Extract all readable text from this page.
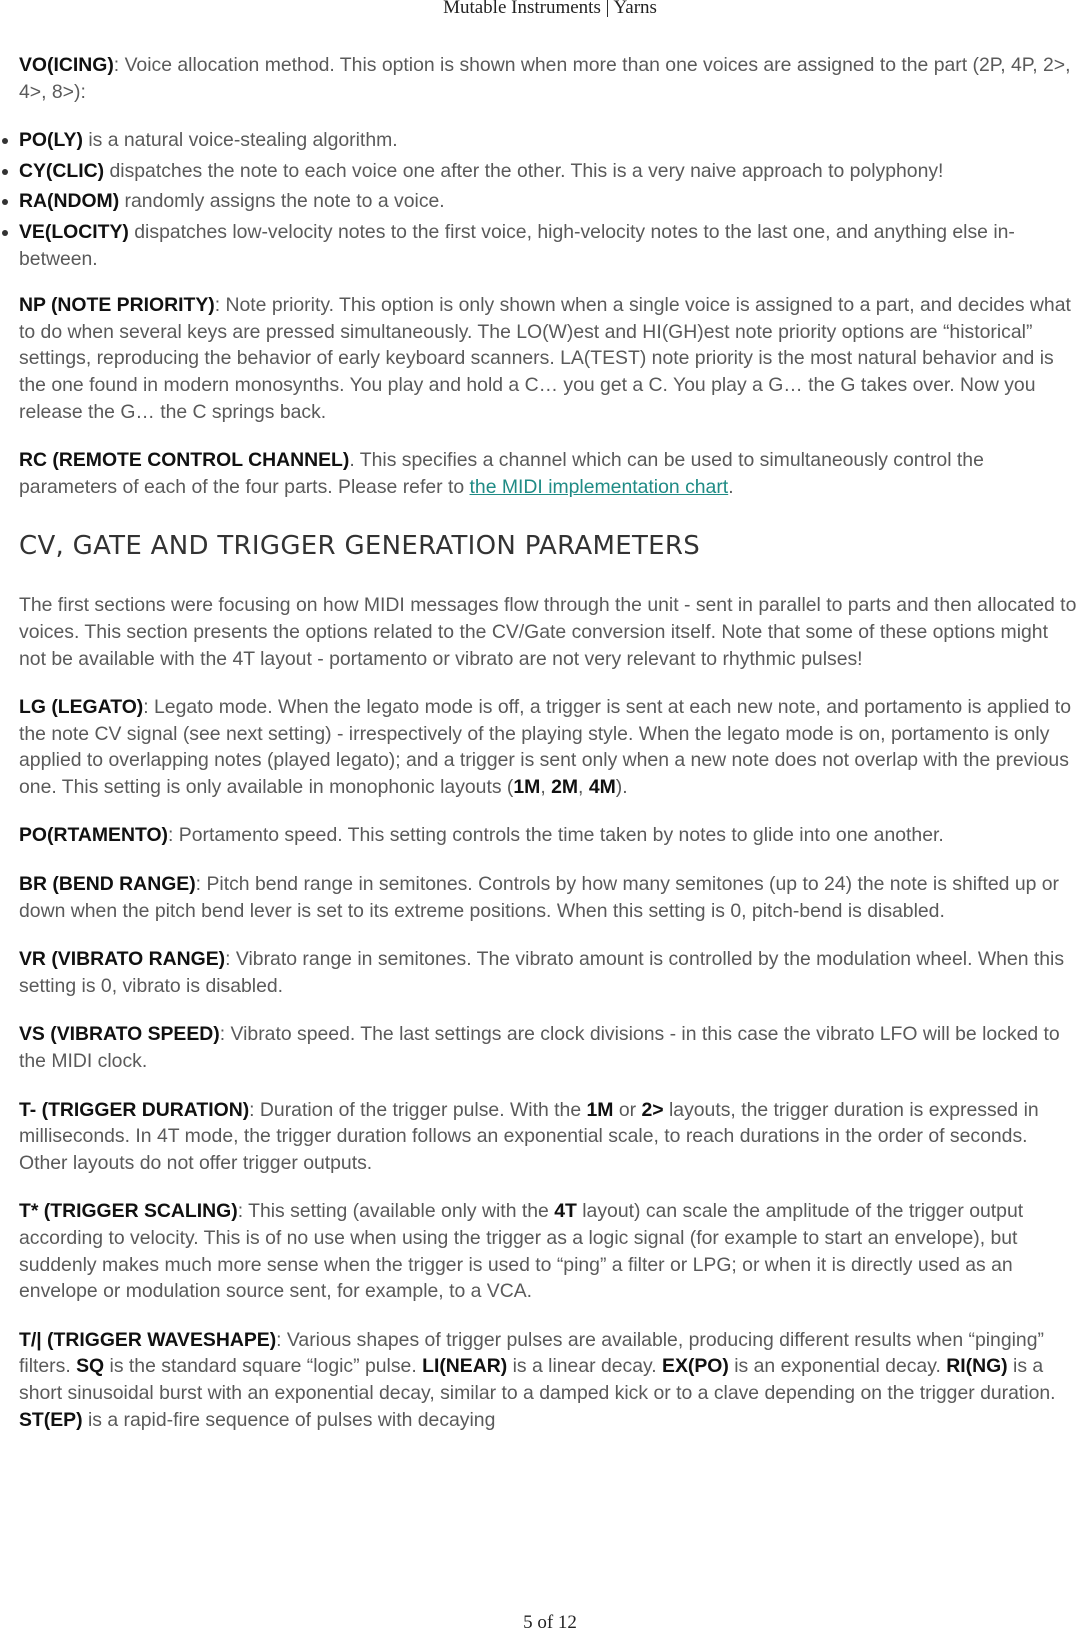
Mutable Instruments | Yarns

VO(ICING): Voice allocation method. This option is shown when more than one voices are assigned to the part (2P, 4P, 2>, 4>, 8>):

PO(LY) is a natural voice-stealing algorithm.
CY(CLIC) dispatches the note to each voice one after the other. This is a very naive approach to polyphony!
RA(NDOM) randomly assigns the note to a voice.
VE(LOCITY) dispatches low-velocity notes to the first voice, high-velocity notes to the last one, and anything else in-between.

NP (NOTE PRIORITY): Note priority. This option is only shown when a single voice is assigned to a part, and decides what to do when several keys are pressed simultaneously. The LO(W)est and HI(GH)est note priority options are “historical” settings, reproducing the behavior of early keyboard scanners. LA(TEST) note priority is the most natural behavior and is the one found in modern monosynths. You play and hold a C… you get a C. You play a G… the G takes over. Now you release the G… the C springs back.

RC (REMOTE CONTROL CHANNEL). This specifies a channel which can be used to simultaneously control the parameters of each of the four parts. Please refer to the MIDI implementation chart.

CV, GATE AND TRIGGER GENERATION PARAMETERS

The first sections were focusing on how MIDI messages flow through the unit - sent in parallel to parts and then allocated to voices. This section presents the options related to the CV/Gate conversion itself. Note that some of these options might not be available with the 4T layout - portamento or vibrato are not very relevant to rhythmic pulses!

LG (LEGATO): Legato mode. When the legato mode is off, a trigger is sent at each new note, and portamento is applied to the note CV signal (see next setting) - irrespectively of the playing style. When the legato mode is on, portamento is only applied to overlapping notes (played legato); and a trigger is sent only when a new note does not overlap with the previous one. This setting is only available in monophonic layouts (1M, 2M, 4M).

PO(RTAMENTO): Portamento speed. This setting controls the time taken by notes to glide into one another.

BR (BEND RANGE): Pitch bend range in semitones. Controls by how many semitones (up to 24) the note is shifted up or down when the pitch bend lever is set to its extreme positions. When this setting is 0, pitch-bend is disabled.

VR (VIBRATO RANGE): Vibrato range in semitones. The vibrato amount is controlled by the modulation wheel. When this setting is 0, vibrato is disabled.

VS (VIBRATO SPEED): Vibrato speed. The last settings are clock divisions - in this case the vibrato LFO will be locked to the MIDI clock.

T- (TRIGGER DURATION): Duration of the trigger pulse. With the 1M or 2> layouts, the trigger duration is expressed in milliseconds. In 4T mode, the trigger duration follows an exponential scale, to reach durations in the order of seconds. Other layouts do not offer trigger outputs.

T* (TRIGGER SCALING): This setting (available only with the 4T layout) can scale the amplitude of the trigger output according to velocity. This is of no use when using the trigger as a logic signal (for example to start an envelope), but suddenly makes much more sense when the trigger is used to “ping” a filter or LPG; or when it is directly used as an envelope or modulation source sent, for example, to a VCA.

T/| (TRIGGER WAVESHAPE): Various shapes of trigger pulses are available, producing different results when “pinging” filters. SQ is the standard square “logic” pulse. LI(NEAR) is a linear decay. EX(PO) is an exponential decay. RI(NG) is a short sinusoidal burst with an exponential decay, similar to a damped kick or to a clave depending on the trigger duration. ST(EP) is a rapid-fire sequence of pulses with decaying

5 of 12
